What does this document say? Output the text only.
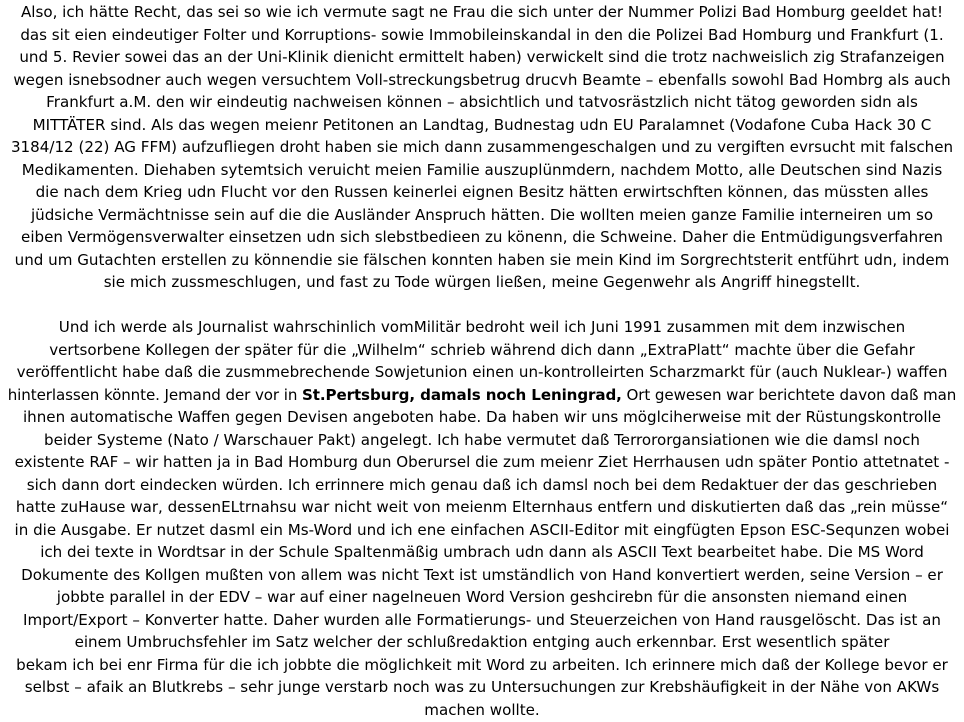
Also, ich hätte Recht, das sei so wie ich vermute sagt ne Frau die sich unter der Nummer Polizi Bad Homburg geeldet hat!
das sit eien eindeutiger Folter und Korruptions- sowie Immobileinskandal in den die Polizei Bad Homburg und Frankfurt (1.
und 5. Revier sowei das an der Uni-Klinik dienicht ermittelt haben) verwickelt sind die trotz nachweislich zig Strafanzeigen
wegen isnebsodner auch wegen versuchtem Voll-streckungsbetrug drucvh Beamte – ebenfalls sowohl Bad Hombrg als auch
Frankfurt a.M. den wir eindeutig nachweisen können – absichtlich und tatvosrästzlich nicht tätog geworden sidn als
MITTÄTER sind. Als das wegen meienr Petitonen an Landtag, Budnestag udn EU Paralamnet (Vodafone Cuba Hack 30 C
3184/12 (22) AG FFM) aufzufliegen droht haben sie mich dann zusammengeschalgen und zu vergiften evrsucht mit falschen
Medikamenten. Diehaben sytemtsich veruicht meien Familie auszuplünmdern, nachdem Motto, alle Deutschen sind Nazis
die nach dem Krieg udn Flucht vor den Russen keinerlei eignen Besitz hätten erwirtschften können, das müssten alles
jüdsiche Vermächtnisse sein auf die die Ausländer Anspruch hätten. Die wollten meien ganze Familie interneiren um so
eiben Vermögensverwalter einsetzen udn sich slebstbedieen zu könenn, die Schweine. Daher die Entmüdigungsverfahren
und um Gutachten erstellen zu könnendie sie fälschen konnten haben sie mein Kind im Sorgrechtsterit entführt udn, indem
sie mich zussmeschlugen, und fast zu Tode würgen ließen, meine Gegenwehr als Angriff hinegstellt.
Und ich werde als Journalist wahrschinlich vomMilitär bedroht weil ich Juni 1991 zusammen mit dem inzwischen
vertsorbene Kollegen der später für die „Wilhelm“ schrieb während dich dann „ExtraPlatt“ machte über die Gefahr
veröffentlicht habe daß die zusmmebrechende Sowjetunion einen un-kontrolleirten Scharzmarkt für (auch Nuklear-) waffen
hinterlassen könnte. Jemand der vor in St.Pertsburg, damals noch Leningrad, Ort gewesen war berichtete davon daß man
ihnen automatische Waffen gegen Devisen angeboten habe. Da haben wir uns möglciherweise mit der Rüstungskontrolle
beider Systeme (Nato / Warschauer Pakt) angelegt. Ich habe vermutet daß Terrororgansiationen wie die damsl noch
existente RAF – wir hatten ja in Bad Homburg dun Oberursel die zum meienr Ziet Herrhausen udn später Pontio attetnatet -
sich dann dort eindecken würden. Ich errinnere mich genau daß ich damsl noch bei dem Redaktuer der das geschrieben
hatte zuHause war, dessenELtrnahsu war nicht weit von meienm Elternhaus entfern und diskutierten daß das „rein müsse“
in die Ausgabe. Er nutzet dasml ein Ms-Word und ich ene einfachen ASCII-Editor mit eingfügten Epson ESC-Sequnzen wobei
ich dei texte in Wordtsar in der Schule Spaltenmäßig umbrach udn dann als ASCII Text bearbeitet habe. Die MS Word
Dokumente des Kollgen mußten von allem was nicht Text ist umständlich von Hand konvertiert werden, seine Version – er
jobbte parallel in der EDV – war auf einer nagelneuen Word Version geshcirebn für die ansonsten niemand einen
Import/Export – Konverter hatte. Daher wurden alle Formatierungs- und Steuerzeichen von Hand rausgelöscht. Das ist an
einem Umbruchsfehler im Satz welcher der schlußredaktion entging auch erkennbar. Erst wesentlich später
bekam ich bei enr Firma für die ich jobbte die möglichkeit mit Word zu arbeiten. Ich erinnere mich daß der Kollege bevor er
selbst – afaik an Blutkrebs – sehr junge verstarb noch was zu Untersuchungen zur Krebshäufigkeit in der Nähe von AKWs
machen wollte.
